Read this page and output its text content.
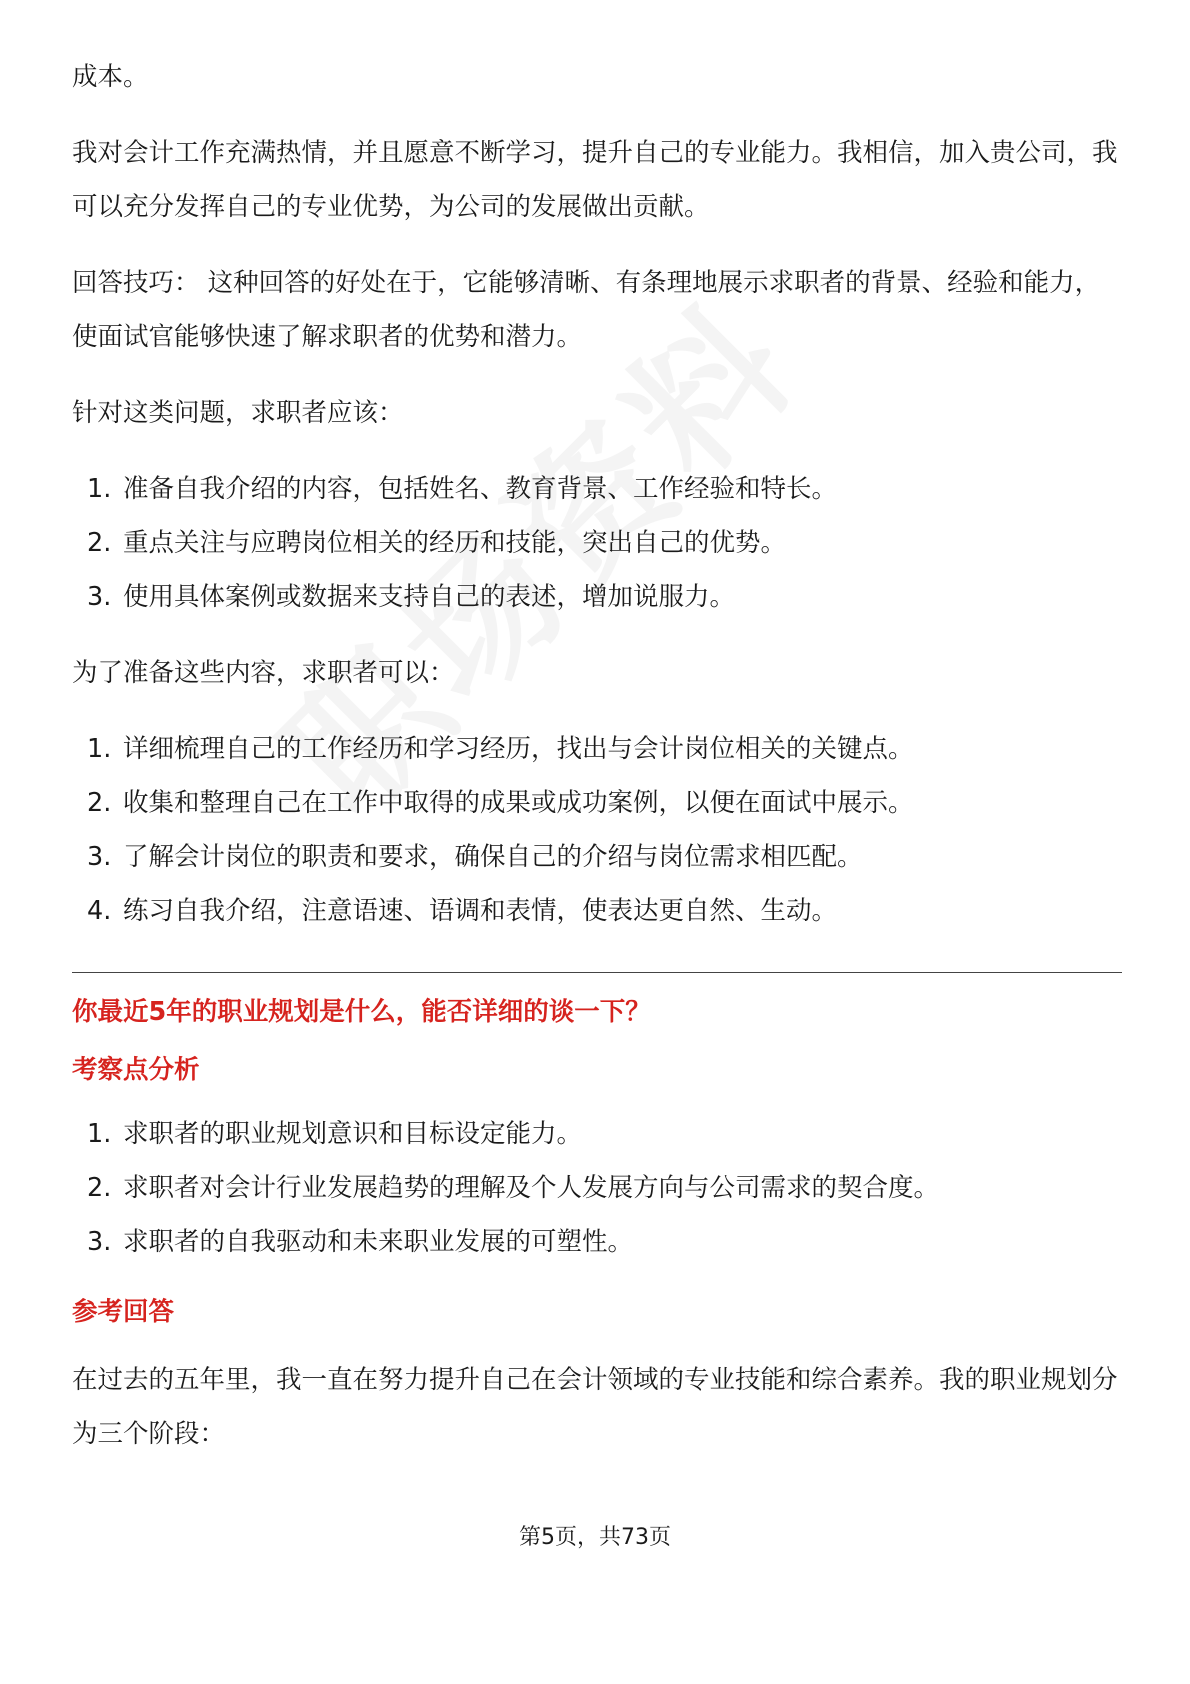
成本。

我对会计工作充满热情，并且愿意不断学习，提升自己的专业能力。我相信，加入贵公司，我可以充分发挥自己的专业优势，为公司的发展做出贡献。

回答技巧： 这种回答的好处在于，它能够清晰、有条理地展示求职者的背景、经验和能力，使面试官能够快速了解求职者的优势和潜力。

针对这类问题，求职者应该：

1. 准备自我介绍的内容，包括姓名、教育背景、工作经验和特长。
2. 重点关注与应聘岗位相关的经历和技能，突出自己的优势。
3. 使用具体案例或数据来支持自己的表述，增加说服力。

为了准备这些内容，求职者可以：

1. 详细梳理自己的工作经历和学习经历，找出与会计岗位相关的关键点。
2. 收集和整理自己在工作中取得的成果或成功案例，以便在面试中展示。
3. 了解会计岗位的职责和要求，确保自己的介绍与岗位需求相匹配。
4. 练习自我介绍，注意语速、语调和表情，使表达更自然、生动。
你最近5年的职业规划是什么，能否详细的谈一下？
考察点分析
1. 求职者的职业规划意识和目标设定能力。
2. 求职者对会计行业发展趋势的理解及个人发展方向与公司需求的契合度。
3. 求职者的自我驱动和未来职业发展的可塑性。
参考回答

在过去的五年里，我一直在努力提升自己在会计领域的专业技能和综合素养。我的职业规划分为三个阶段：

第5页，共73页
